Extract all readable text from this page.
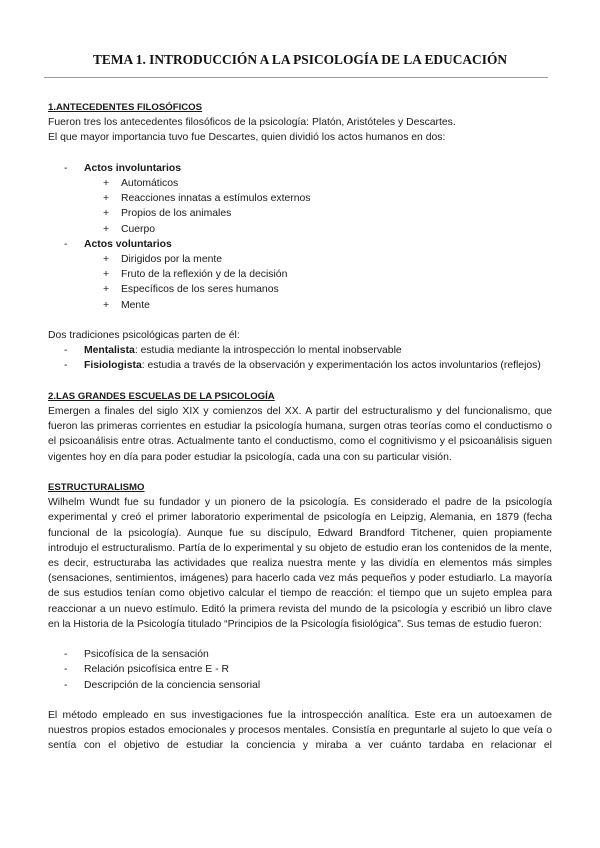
TEMA 1. INTRODUCCIÓN A LA PSICOLOGÍA DE LA EDUCACIÓN
1.ANTECEDENTES FILOSÓFICOS

Fueron tres los antecedentes filosóficos de la psicología: Platón, Aristóteles y Descartes.

El que mayor importancia tuvo fue Descartes, quien dividió los actos humanos en dos:

- Actos involuntarios
+ Automáticos
+ Reacciones innatas a estímulos externos
+ Propios de los animales
+ Cuerpo
- Actos voluntarios
+ Dirigidos por la mente
+ Fruto de la reflexión y de la decisión
+ Específicos de los seres humanos
+ Mente

Dos tradiciones psicológicas parten de él:

- Mentalista: estudia mediante la introspección lo mental inobservable
- Fisiologista: estudia a través de la observación y experimentación los actos involuntarios (reflejos)
2.LAS GRANDES ESCUELAS DE LA PSICOLOGÍA

Emergen a finales del siglo XIX y comienzos del XX. A partir del estructuralismo y del funcionalismo, que fueron las primeras corrientes en estudiar la psicología humana, surgen otras teorías como el conductismo o el psicoanálisis entre otras. Actualmente tanto el conductismo, como el cognitivismo y el psicoanálisis siguen vigentes hoy en día para poder estudiar la psicología, cada una con su particular visión.

ESTRUCTURALISMO

Wilhelm Wundt fue su fundador y un pionero de la psicología. Es considerado el padre de la psicología experimental y creó el primer laboratorio experimental de psicología en Leipzig, Alemania, en 1879 (fecha funcional de la psicología). Aunque fue su discípulo, Edward Brandford Titchener, quien propiamente introdujo el estructuralismo. Partía de lo experimental y su objeto de estudio eran los contenidos de la mente, es decir, estructuraba las actividades que realiza nuestra mente y las dividía en elementos más simples (sensaciones, sentimientos, imágenes) para hacerlo cada vez más pequeños y poder estudiarlo. La mayoría de sus estudios tenían como objetivo calcular el tiempo de reacción: el tiempo que un sujeto emplea para reaccionar a un nuevo estímulo. Editó la primera revista del mundo de la psicología y escribió un libro clave en la Historia de la Psicología titulado “Principios de la Psicología fisiológica”. Sus temas de estudio fueron:

- Psicofísica de la sensación
- Relación psicofísica entre E - R
- Descripción de la conciencia sensorial

El método empleado en sus investigaciones fue la introspección analítica. Este era un autoexamen de nuestros propios estados emocionales y procesos mentales. Consistía en preguntarle al sujeto lo que veía o sentía con el objetivo de estudiar la conciencia y miraba a ver cuánto tardaba en relacionar el
